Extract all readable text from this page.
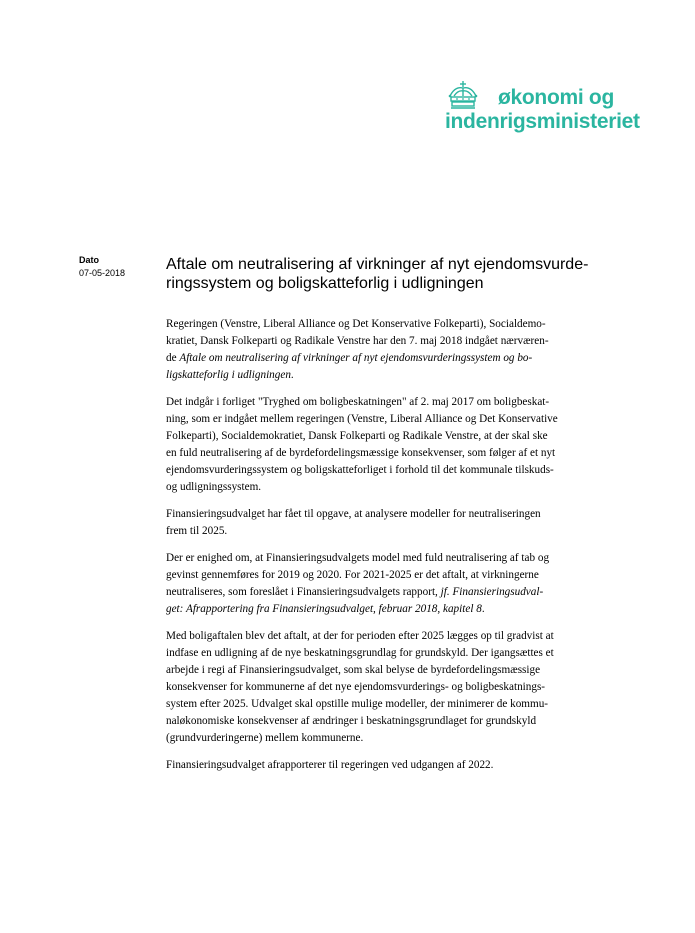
økonomi og
indenrigsministeriet
Dato
07-05-2018	Aftale om neutralisering af virkninger af nyt ejendomsvurde-
ringssystem og boligskatteforlig i udligningen

Regeringen (Venstre, Liberal Alliance og Det Konservative Folkeparti), Socialdemo-
kratiet, Dansk Folkeparti og Radikale Venstre har den 7. maj 2018 indgået nærværen-
de Aftale om neutralisering af virkninger af nyt ejendomsvurderingssystem og bo-
ligskatteforlig i udligningen.

Det indgår i forliget "Tryghed om boligbeskatningen" af 2. maj 2017 om boligbeskat-
ning, som er indgået mellem regeringen (Venstre, Liberal Alliance og Det Konservative
Folkeparti), Socialdemokratiet, Dansk Folkeparti og Radikale Venstre, at der skal ske
en fuld neutralisering af de byrdefordelingsmæssige konsekvenser, som følger af et nyt
ejendomsvurderingssystem og boligskatteforliget i forhold til det kommunale tilskuds-
og udligningssystem.

Finansieringsudvalget har fået til opgave, at analysere modeller for neutraliseringen
frem til 2025.

Der er enighed om, at Finansieringsudvalgets model med fuld neutralisering af tab og
gevinst gennemføres for 2019 og 2020. For 2021-2025 er det aftalt, at virkningerne
neutraliseres, som foreslået i Finansieringsudvalgets rapport, jf. Finansieringsudval-
get: Afrapportering fra Finansieringsudvalget, februar 2018, kapitel 8.

Med boligaftalen blev det aftalt, at der for perioden efter 2025 lægges op til gradvist at
indfase en udligning af de nye beskatningsgrundlag for grundskyld. Der igangsættes et
arbejde i regi af Finansieringsudvalget, som skal belyse de byrdefordelingsmæssige
konsekvenser for kommunerne af det nye ejendomsvurderings- og boligbeskatnings-
system efter 2025. Udvalget skal opstille mulige modeller, der minimerer de kommu-
naløkonomiske konsekvenser af ændringer i beskatningsgrundlaget for grundskyld
(grundvurderingerne) mellem kommunerne.

Finansieringsudvalget afrapporterer til regeringen ved udgangen af 2022.
